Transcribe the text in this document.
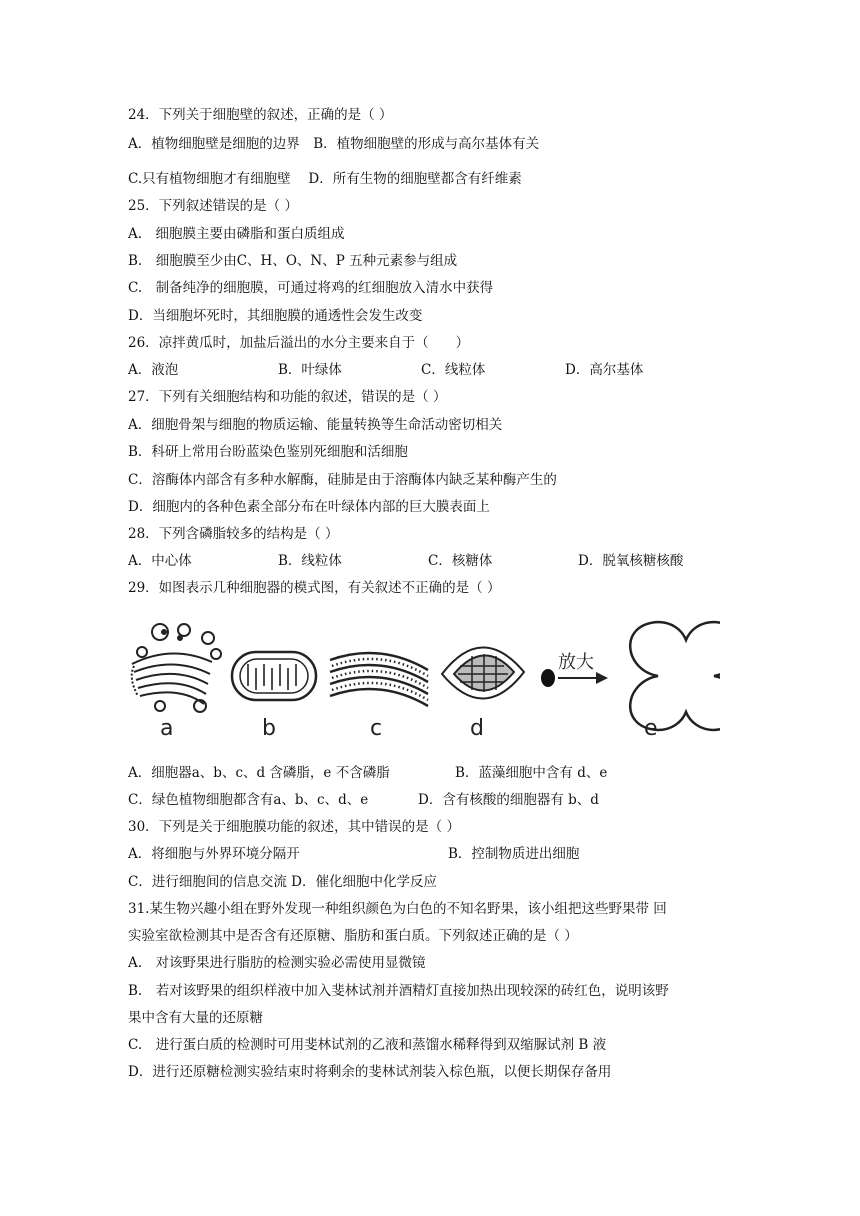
24．下列关于细胞壁的叙述，正确的是（ ）
A．植物细胞壁是细胞的边界　B．植物细胞壁的形成与高尔基体有关
C.只有植物细胞才有细胞壁　 D．所有生物的细胞壁都含有纤维素
25．下列叙述错误的是（ ）
A.　细胞膜主要由磷脂和蛋白质组成
B.　细胞膜至少由C、H、O、N、P 五种元素参与组成
C.　制备纯净的细胞膜，可通过将鸡的红细胞放入清水中获得
D．当细胞坏死时，其细胞膜的通透性会发生改变
26．凉拌黄瓜时，加盐后溢出的水分主要来自于（　　）
A．液泡	B．叶绿体	C．线粒体	D．高尔基体
27．下列有关细胞结构和功能的叙述，错误的是（ ）
A．细胞骨架与细胞的物质运输、能量转换等生命活动密切相关
B．科研上常用台盼蓝染色鉴别死细胞和活细胞
C．溶酶体内部含有多种水解酶，硅肺是由于溶酶体内缺乏某种酶产生的
D．细胞内的各种色素全部分布在叶绿体内部的巨大膜表面上
28．下列含磷脂较多的结构是（ ）
A．中心体	B．线粒体	C．核糖体	D．脱氧核糖核酸
29．如图表示几种细胞器的模式图，有关叙述不正确的是（ ）
放大
a	b	c	d	e
A．细胞器a、b、c、d 含磷脂，e 不含磷脂	B．蓝藻细胞中含有 d、e
C．绿色植物细胞都含有a、b、c、d、e	D．含有核酸的细胞器有 b、d
30．下列是关于细胞膜功能的叙述，其中错误的是（ ）
A．将细胞与外界环境分隔开	B．控制物质进出细胞
C．进行细胞间的信息交流 D．催化细胞中化学反应
31.某生物兴趣小组在野外发现一种组织颜色为白色的不知名野果，该小组把这些野果带 回
实验室欲检测其中是否含有还原糖、脂肪和蛋白质。下列叙述正确的是（ ）
A.　对该野果进行脂肪的检测实验必需使用显微镜
B.　若对该野果的组织样液中加入斐林试剂并酒精灯直接加热出现较深的砖红色，说明该野
果中含有大量的还原糖
C.　进行蛋白质的检测时可用斐林试剂的乙液和蒸馏水稀释得到双缩脲试剂 B 液
D．进行还原糖检测实验结束时将剩余的斐林试剂装入棕色瓶，以便长期保存备用
